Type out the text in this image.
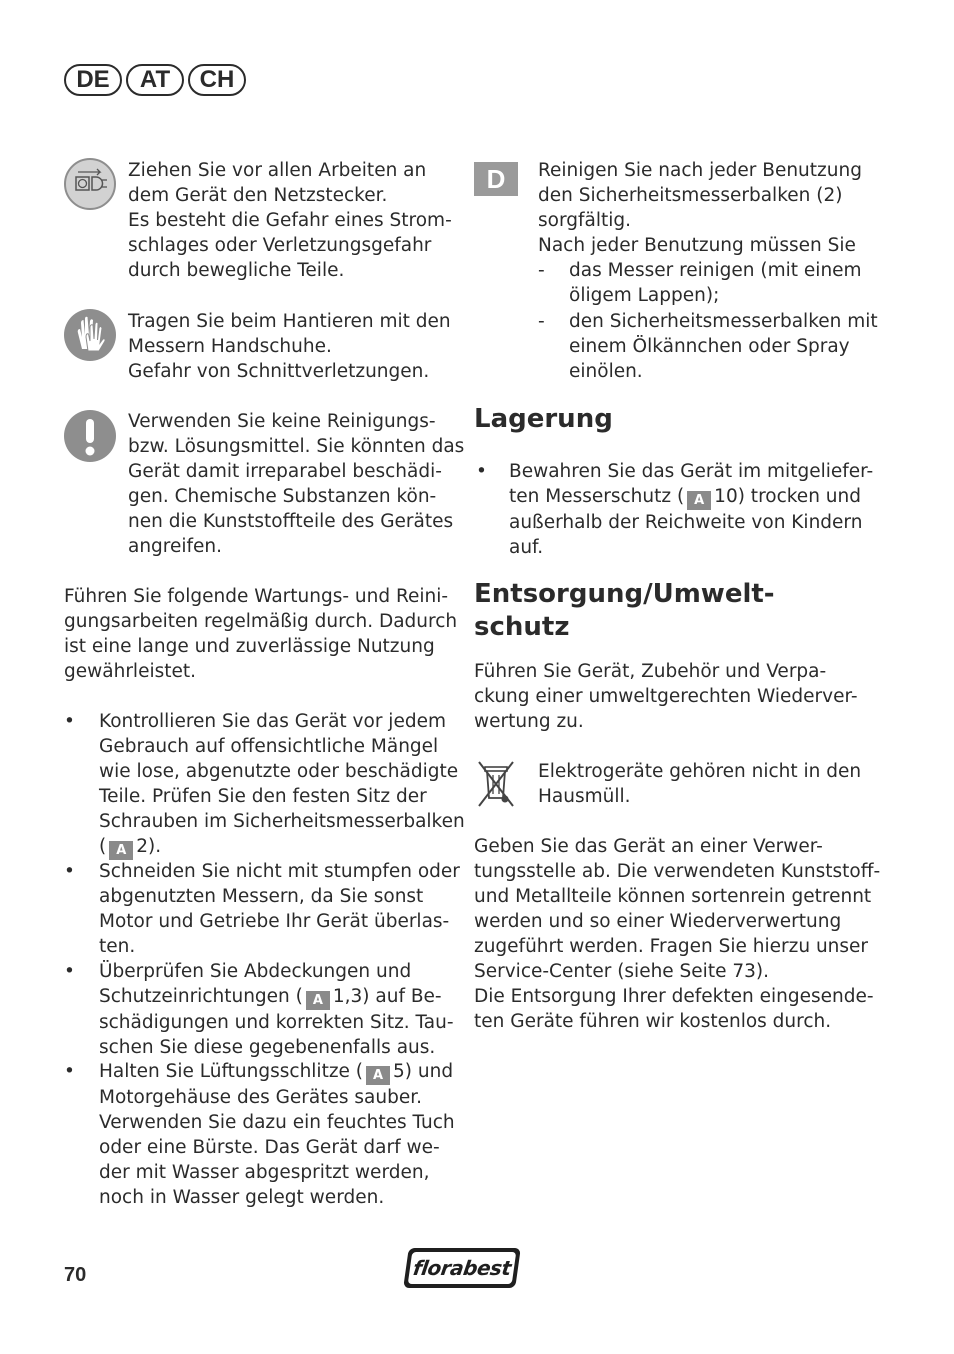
DE	AT	CH

Ziehen Sie vor allen Arbeiten an

dem Gerät den Netzstecker.

Es besteht die Gefahr eines Strom-

schlages oder Verletzungsgefahr

durch bewegliche Teile.

Tragen Sie beim Hantieren mit den

Messern Handschuhe.

Gefahr von Schnittverletzungen.

Verwenden Sie keine Reinigungs-

bzw. Lösungsmittel. Sie könnten das

Gerät damit irreparabel beschädi-

gen. Chemische Substanzen kön-

nen die Kunststoffteile des Gerätes

angreifen.

Führen Sie folgende Wartungs- und Reini-

gungsarbeiten regelmäßig durch. Dadurch

ist eine lange und zuverlässige Nutzung

gewährleistet.

• Kontrollieren Sie das Gerät vor jedem

Gebrauch auf offensichtliche Mängel

wie lose, abgenutzte oder beschädigte

Teile. Prüfen Sie den festen Sitz der

Schrauben im Sicherheitsmesserbalken

( A 2).

• Schneiden Sie nicht mit stumpfen oder

abgenutzten Messern, da Sie sonst

Motor und Getriebe Ihr Gerät überlas-

ten.

• Überprüfen Sie Abdeckungen und

Schutzeinrichtungen ( A 1,3) auf Be-

schädigungen und korrekten Sitz. Tau-

schen Sie diese gegebenenfalls aus.

• Halten Sie Lüftungsschlitze ( A 5) und

Motorgehäuse des Gerätes sauber.

Verwenden Sie dazu ein feuchtes Tuch

oder eine Bürste. Das Gerät darf we-

der mit Wasser abgespritzt werden,

noch in Wasser gelegt werden.

D	Reinigen Sie nach jeder Benutzung

den Sicherheitsmesserbalken (2)

sorgfältig.

Nach jeder Benutzung müssen Sie

- das Messer reinigen (mit einem

öligem Lappen);

- den Sicherheitsmesserbalken mit

einem Ölkännchen oder Spray

einölen.

Lagerung
• Bewahren Sie das Gerät im mitgeliefer-

ten Messerschutz ( A 10) trocken und

außerhalb der Reichweite von Kindern

auf.

Entsorgung/Umwelt-
schutz

Führen Sie Gerät, Zubehör und Verpa-

ckung einer umweltgerechten Wiederver-

wertung zu.

Elektrogeräte gehören nicht in den

Hausmüll.

Geben Sie das Gerät an einer Verwer-

tungsstelle ab. Die verwendeten Kunststoff-

und Metallteile können sortenrein getrennt

werden und so einer Wiederverwertung

zugeführt werden. Fragen Sie hierzu unser

Service-Center (siehe Seite 73).

Die Entsorgung Ihrer defekten eingesende-

ten Geräte führen wir kostenlos durch.

70	florabest
